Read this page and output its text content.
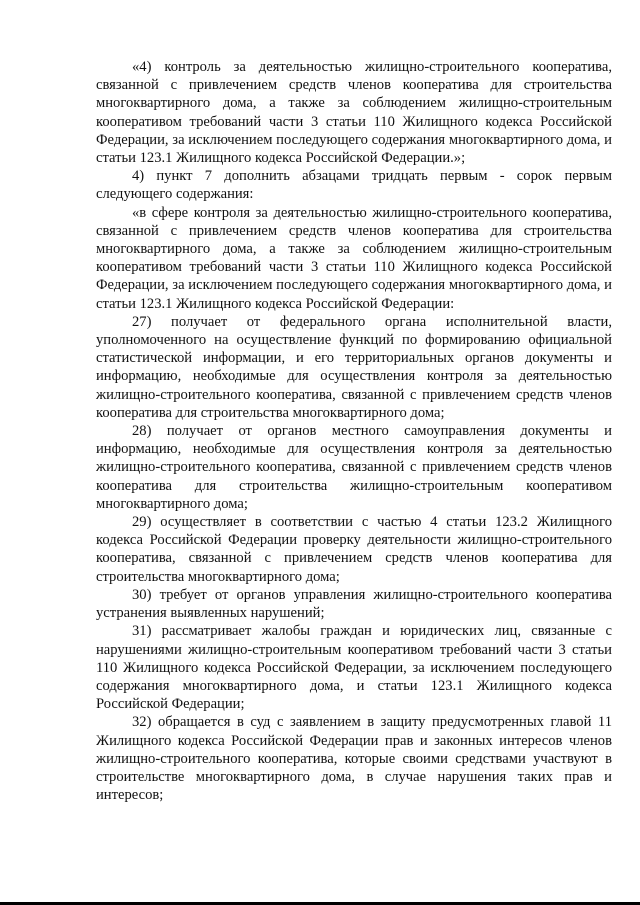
«4) контроль за деятельностью жилищно-строительного кооператива, связанной с привлечением средств членов кооператива для строительства многоквартирного дома, а также за соблюдением жилищно-строительным кооперативом требований части 3 статьи 110 Жилищного кодекса Российской Федерации, за исключением последующего содержания многоквартирного дома, и статьи 123.1 Жилищного кодекса Российской Федерации.»;

4) пункт 7 дополнить абзацами тридцать первым - сорок первым следующего содержания:

«в сфере контроля за деятельностью жилищно-строительного кооператива, связанной с привлечением средств членов кооператива для строительства многоквартирного дома, а также за соблюдением жилищно-строительным кооперативом требований части 3 статьи 110 Жилищного кодекса Российской Федерации, за исключением последующего содержания многоквартирного дома, и статьи 123.1 Жилищного кодекса Российской Федерации:

27) получает от федерального органа исполнительной власти, уполномоченного на осуществление функций по формированию официальной статистической информации, и его территориальных органов документы и информацию, необходимые для осуществления контроля за деятельностью жилищно-строительного кооператива, связанной с привлечением средств членов кооператива для строительства многоквартирного дома;

28) получает от органов местного самоуправления документы и информацию, необходимые для осуществления контроля за деятельностью жилищно-строительного кооператива, связанной с привлечением средств членов кооператива для строительства жилищно-строительным кооперативом многоквартирного дома;

29) осуществляет в соответствии с частью 4 статьи 123.2 Жилищного кодекса Российской Федерации проверку деятельности жилищно-строительного кооператива, связанной с привлечением средств членов кооператива для строительства многоквартирного дома;

30) требует от органов управления жилищно-строительного кооператива устранения выявленных нарушений;

31) рассматривает жалобы граждан и юридических лиц, связанные с нарушениями жилищно-строительным кооперативом требований части 3 статьи 110 Жилищного кодекса Российской Федерации, за исключением последующего содержания многоквартирного дома, и статьи 123.1 Жилищного кодекса Российской Федерации;

32) обращается в суд с заявлением в защиту предусмотренных главой 11 Жилищного кодекса Российской Федерации прав и законных интересов членов жилищно-строительного кооператива, которые своими средствами участвуют в строительстве многоквартирного дома, в случае нарушения таких прав и интересов;
